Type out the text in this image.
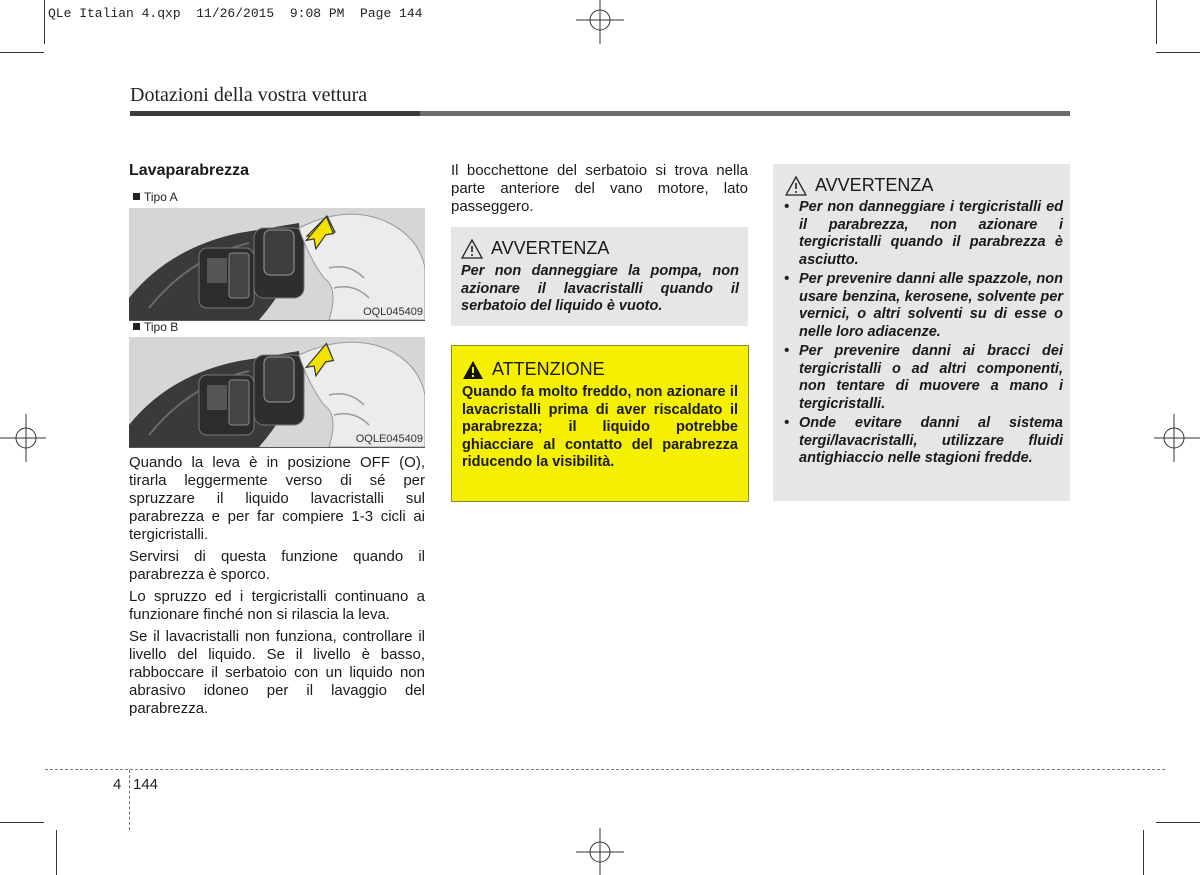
QLe Italian 4.qxp  11/26/2015  9:08 PM  Page 144
Dotazioni della vostra vettura
Lavaparabrezza
Tipo A
OQL045409
Tipo B
OQLE045409

Quando la leva è in posizione OFF (O), tirarla leggermente verso di sé per spruzzare il liquido lavacristalli sul parabrezza e per far compiere 1-3 cicli ai tergicristalli.

Servirsi di questa funzione quando il parabrezza è sporco.

Lo spruzzo ed i tergicristalli continuano a funzionare finché non si rilascia la leva.

Se il lavacristalli non funziona, controllare il livello del liquido. Se il livello è basso, rabboccare il serbatoio con un liquido non abrasivo idoneo per il lavaggio del parabrezza.

Il bocchettone del serbatoio si trova nella parte anteriore del vano motore, lato passeggero.

AVVERTENZA
Per non danneggiare la pompa, non azionare il lavacristalli quando il serbatoio del liquido è vuoto.
ATTENZIONE
Quando fa molto freddo, non azionare il lavacristalli prima di aver riscaldato il parabrezza; il liquido potrebbe ghiacciare al contatto del parabrezza riducendo la visibilità.
AVVERTENZA
• Per non danneggiare i tergicristalli ed il parabrezza, non azionare i tergicristalli quando il parabrezza è asciutto.
• Per prevenire danni alle spazzole, non usare benzina, kerosene, solvente per vernici, o altri solventi su di esse o nelle loro adiacenze.
• Per prevenire danni ai bracci dei tergicristalli o ad altri componenti, non tentare di muovere a mano i tergicristalli.
• Onde evitare danni al sistema tergi/lavacristalli, utilizzare fluidi antighiaccio nelle stagioni fredde.
4 144
